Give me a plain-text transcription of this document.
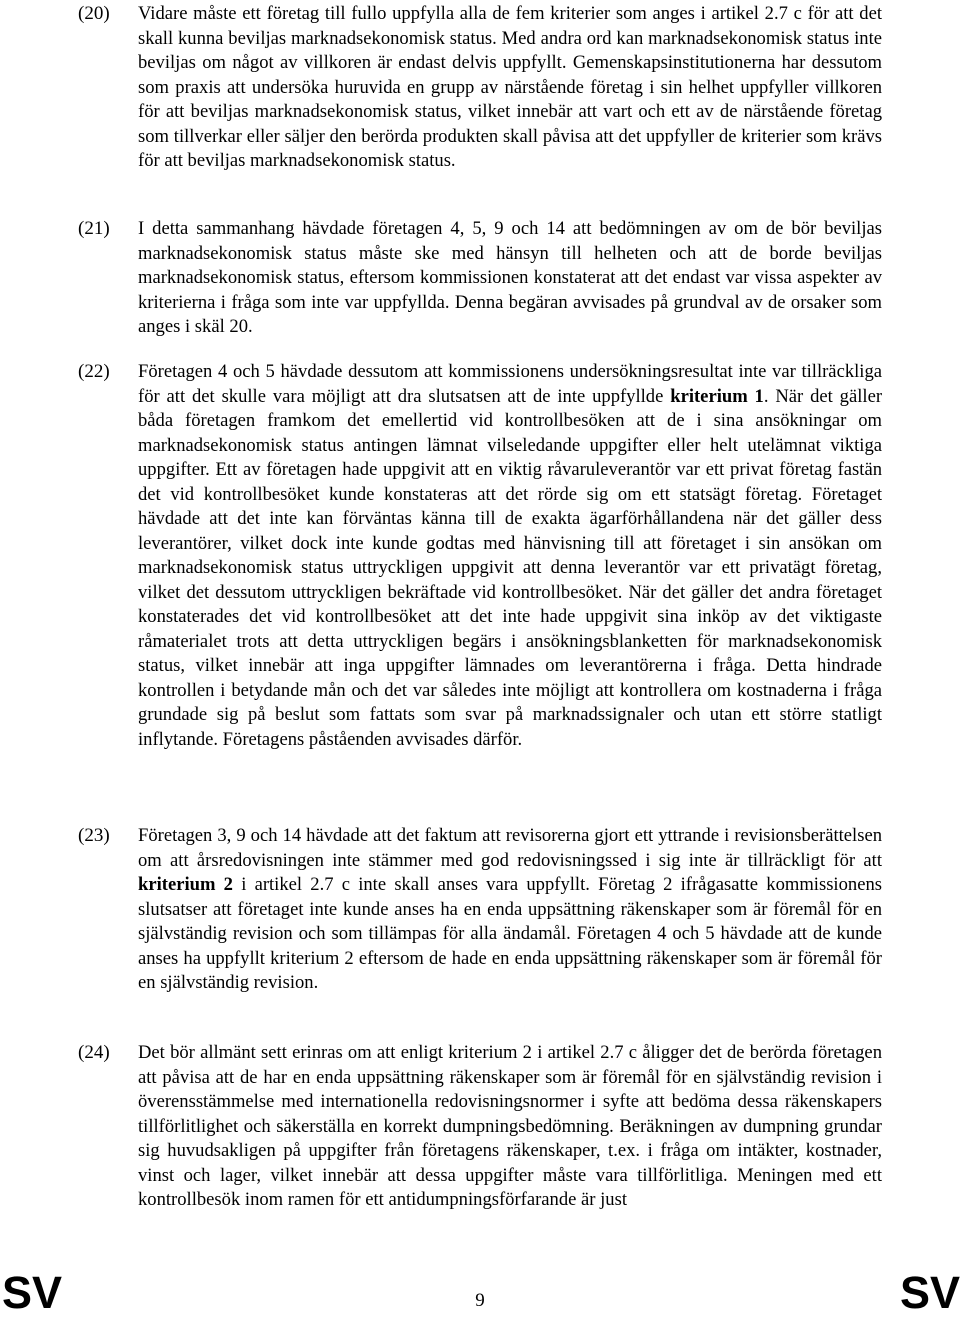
(20) Vidare måste ett företag till fullo uppfylla alla de fem kriterier som anges i artikel 2.7 c för att det skall kunna beviljas marknadsekonomisk status. Med andra ord kan marknadsekonomisk status inte beviljas om något av villkoren är endast delvis uppfyllt. Gemenskapsinstitutionerna har dessutom som praxis att undersöka huruvida en grupp av närstående företag i sin helhet uppfyller villkoren för att beviljas marknadsekonomisk status, vilket innebär att vart och ett av de närstående företag som tillverkar eller säljer den berörda produkten skall påvisa att det uppfyller de kriterier som krävs för att beviljas marknadsekonomisk status.
(21) I detta sammanhang hävdade företagen 4, 5, 9 och 14 att bedömningen av om de bör beviljas marknadsekonomisk status måste ske med hänsyn till helheten och att de borde beviljas marknadsekonomisk status, eftersom kommissionen konstaterat att det endast var vissa aspekter av kriterierna i fråga som inte var uppfyllda. Denna begäran avvisades på grundval av de orsaker som anges i skäl 20.
(22) Företagen 4 och 5 hävdade dessutom att kommissionens undersökningsresultat inte var tillräckliga för att det skulle vara möjligt att dra slutsatsen att de inte uppfyllde kriterium 1. När det gäller båda företagen framkom det emellertid vid kontrollbesöken att de i sina ansökningar om marknadsekonomisk status antingen lämnat vilseledande uppgifter eller helt utelämnat viktiga uppgifter. Ett av företagen hade uppgivit att en viktig råvaruleverantör var ett privat företag fastän det vid kontrollbesöket kunde konstateras att det rörde sig om ett statsägt företag. Företaget hävdade att det inte kan förväntas känna till de exakta ägarförhållandena när det gäller dess leverantörer, vilket dock inte kunde godtas med hänvisning till att företaget i sin ansökan om marknadsekonomisk status uttryckligen uppgivit att denna leverantör var ett privatägt företag, vilket det dessutom uttryckligen bekräftade vid kontrollbesöket. När det gäller det andra företaget konstaterades det vid kontrollbesöket att det inte hade uppgivit sina inköp av det viktigaste råmaterialet trots att detta uttryckligen begärs i ansökningsblanketten för marknadsekonomisk status, vilket innebär att inga uppgifter lämnades om leverantörerna i fråga. Detta hindrade kontrollen i betydande mån och det var således inte möjligt att kontrollera om kostnaderna i fråga grundade sig på beslut som fattats som svar på marknadssignaler och utan ett större statligt inflytande. Företagens påståenden avvisades därför.
(23) Företagen 3, 9 och 14 hävdade att det faktum att revisorerna gjort ett yttrande i revisionsberättelsen om att årsredovisningen inte stämmer med god redovisningssed i sig inte är tillräckligt för att kriterium 2 i artikel 2.7 c inte skall anses vara uppfyllt. Företag 2 ifrågasatte kommissionens slutsatser att företaget inte kunde anses ha en enda uppsättning räkenskaper som är föremål för en självständig revision och som tillämpas för alla ändamål. Företagen 4 och 5 hävdade att de kunde anses ha uppfyllt kriterium 2 eftersom de hade en enda uppsättning räkenskaper som är föremål för en självständig revision.
(24) Det bör allmänt sett erinras om att enligt kriterium 2 i artikel 2.7 c åligger det de berörda företagen att påvisa att de har en enda uppsättning räkenskaper som är föremål för en självständig revision i överensstämmelse med internationella redovisningsnormer i syfte att bedöma dessa räkenskapers tillförlitlighet och säkerställa en korrekt dumpningsbedömning. Beräkningen av dumpning grundar sig huvudsakligen på uppgifter från företagens räkenskaper, t.ex. i fråga om intäkter, kostnader, vinst och lager, vilket innebär att dessa uppgifter måste vara tillförlitliga. Meningen med ett kontrollbesök inom ramen för ett antidumpningsförfarande är just
SV	9	SV
